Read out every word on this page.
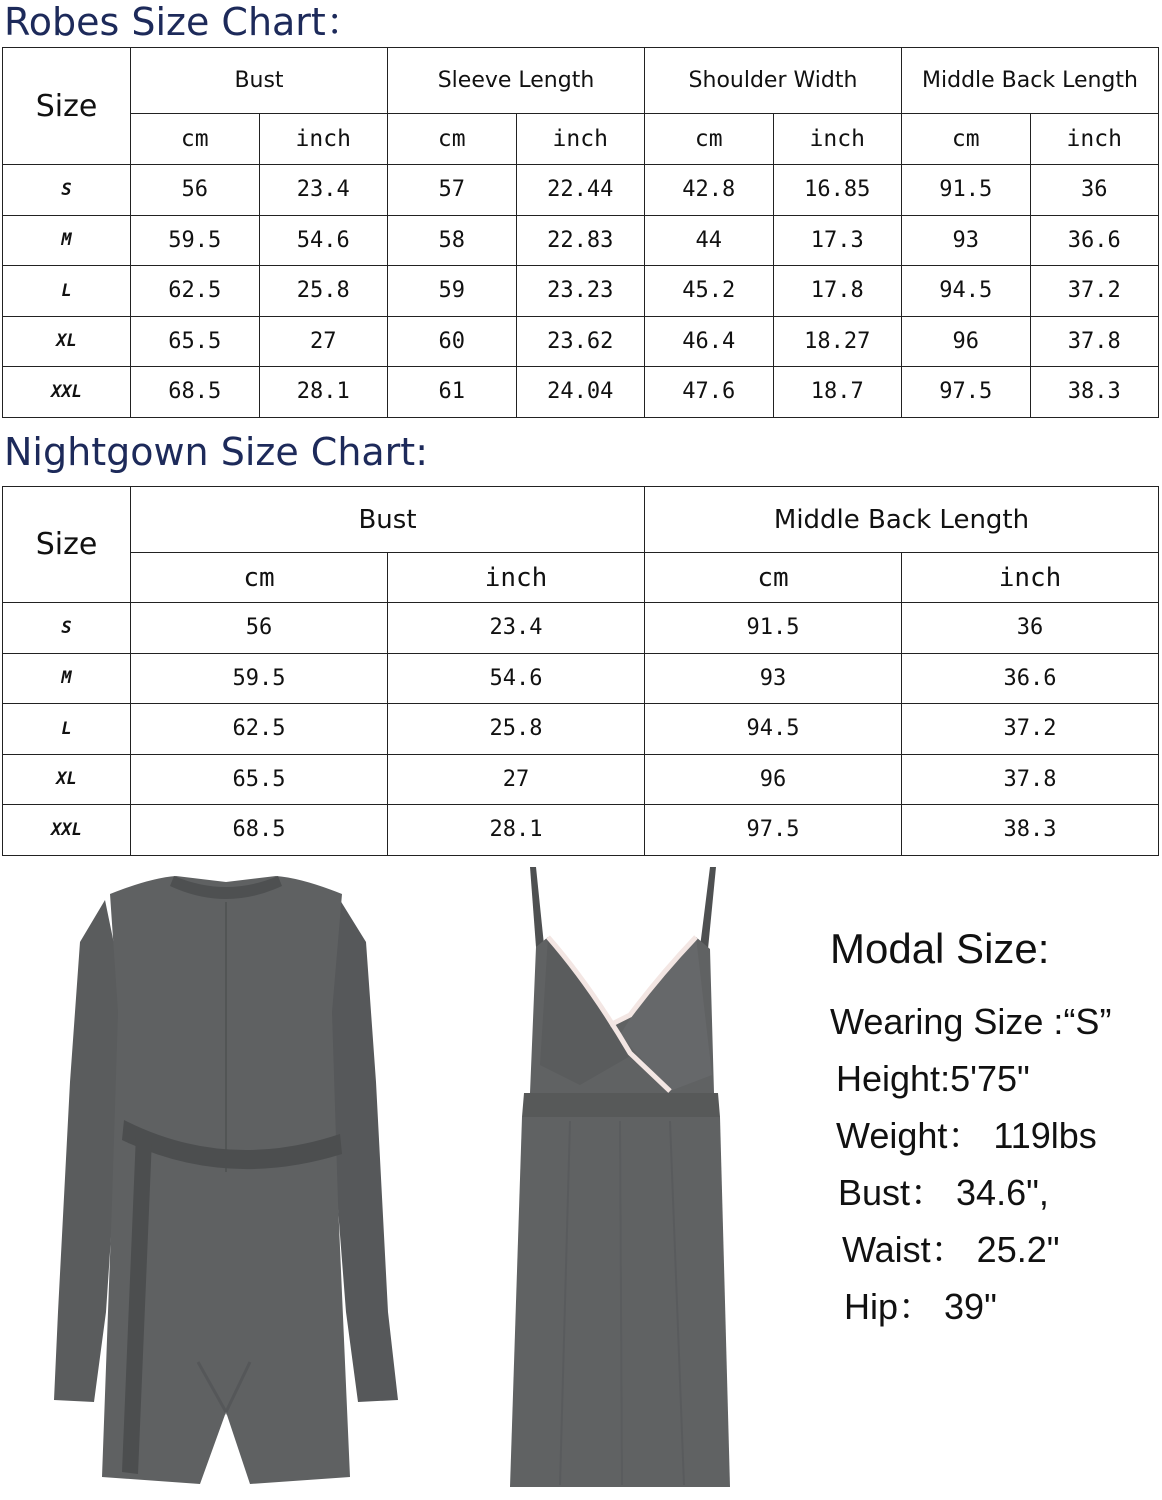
Robes Size Chart：
Size	Bust		Sleeve Length		Shoulder Width		Middle Back Length	
	cm	inch	cm	inch	cm	inch	cm	inch
S	56	23.4	57	22.44	42.8	16.85	91.5	36
M	59.5	54.6	58	22.83	44	17.3	93	36.6
L	62.5	25.8	59	23.23	45.2	17.8	94.5	37.2
XL	65.5	27	60	23.62	46.4	18.27	96	37.8
XXL	68.5	28.1	61	24.04	47.6	18.7	97.5	38.3
Nightgown Size Chart:
Size	Bust		Middle Back Length	
	cm	inch	cm	inch
S	56	23.4	91.5	36
M	59.5	54.6	93	36.6
L	62.5	25.8	94.5	37.2
XL	65.5	27	96	37.8
XXL	68.5	28.1	97.5	38.3
Modal Size:
Wearing Size :“S”
Height:5'75"
Weight： 119lbs
Bust： 34.6",
Waist： 25.2"
Hip： 39"
